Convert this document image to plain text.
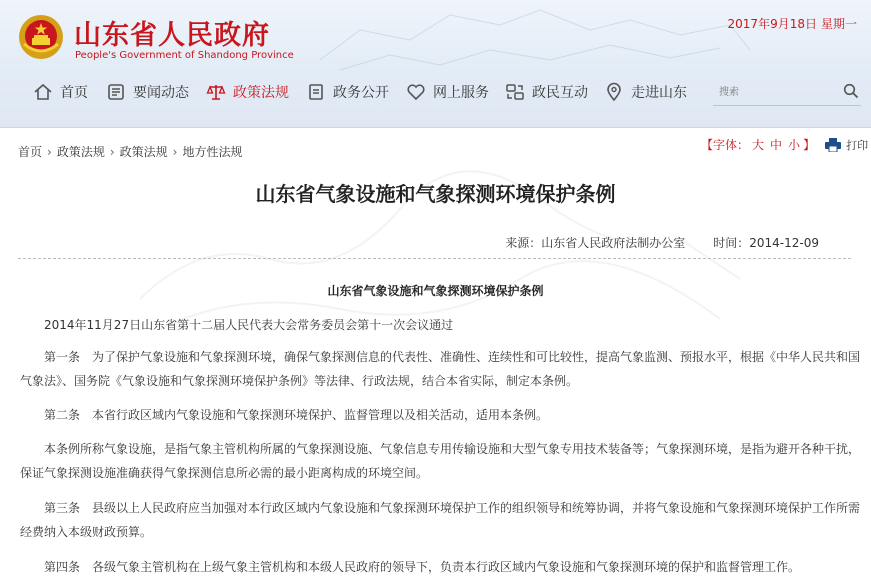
山东省人民政府
People's Government of Shandong Province
2017年9月18日 星期一
首页	要闻动态	政策法规	政务公开	网上服务	政民互动	走进山东
搜索
首页 › 政策法规 › 政策法规 › 地方性法规	【字体： 大 中 小 】	打印
山东省气象设施和气象探测环境保护条例
来源：山东省人民政府法制办公室 时间：2014-12-09
山东省气象设施和气象探测环境保护条例
2014年11月27日山东省第十二届人民代表大会常务委员会第十一次会议通过
第一条　为了保护气象设施和气象探测环境，确保气象探测信息的代表性、准确性、连续性和可比较性，提高气象监测、预报水平，根据《中华人民共和国气象法》、国务院《气象设施和气象探测环境保护条例》等法律、行政法规，结合本省实际，制定本条例。
第二条　本省行政区域内气象设施和气象探测环境保护、监督管理以及相关活动，适用本条例。
本条例所称气象设施，是指气象主管机构所属的气象探测设施、气象信息专用传输设施和大型气象专用技术装备等；气象探测环境，是指为避开各种干扰，保证气象探测设施准确获得气象探测信息所必需的最小距离构成的环境空间。
第三条　县级以上人民政府应当加强对本行政区域内气象设施和气象探测环境保护工作的组织领导和统筹协调，并将气象设施和气象探测环境保护工作所需经费纳入本级财政预算。
第四条　各级气象主管机构在上级气象主管机构和本级人民政府的领导下，负责本行政区域内气象设施和气象探测环境的保护和监督管理工作。
